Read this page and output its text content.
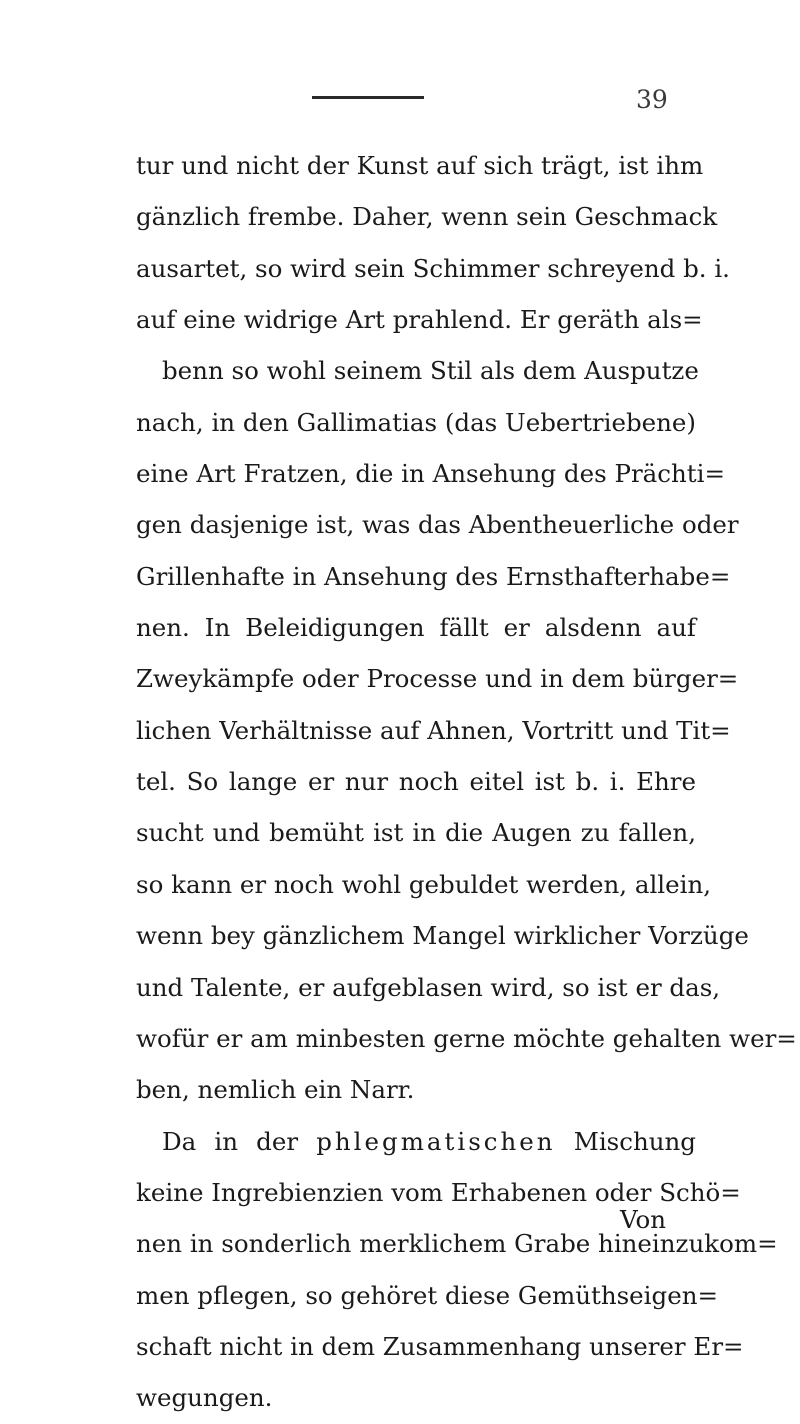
39
tur und nicht der Kunst auf sich trägt, ist ihm
gänzlich frembe. Daher, wenn sein Geschmack
ausartet, so wird sein Schimmer schreyend b. i.
auf eine widrige Art prahlend. Er geräth als=
benn so wohl seinem Stil als dem Ausputze
nach, in den Gallimatias (das Uebertriebene)
eine Art Fratzen, die in Ansehung des Prächti=
gen dasjenige ist, was das Abentheuerliche oder
Grillenhafte in Ansehung des Ernsthafterhabe=
nen. In Beleidigungen fällt er alsdenn auf
Zweykämpfe oder Processe und in dem bürger=
lichen Verhältnisse auf Ahnen, Vortritt und Tit=
tel. So lange er nur noch eitel ist b. i. Ehre
sucht und bemüht ist in die Augen zu fallen,
so kann er noch wohl gebuldet werden, allein,
wenn bey gänzlichem Mangel wirklicher Vorzüge
und Talente, er aufgeblasen wird, so ist er das,
wofür er am minbesten gerne möchte gehalten wer=
ben, nemlich ein Narr.
Da in der phlegmatischen Mischung
keine Ingrebienzien vom Erhabenen oder Schö=
nen in sonderlich merklichem Grabe hineinzukom=
men pflegen, so gehöret diese Gemüthseigen=
schaft nicht in dem Zusammenhang unserer Er=
wegungen.
Von
